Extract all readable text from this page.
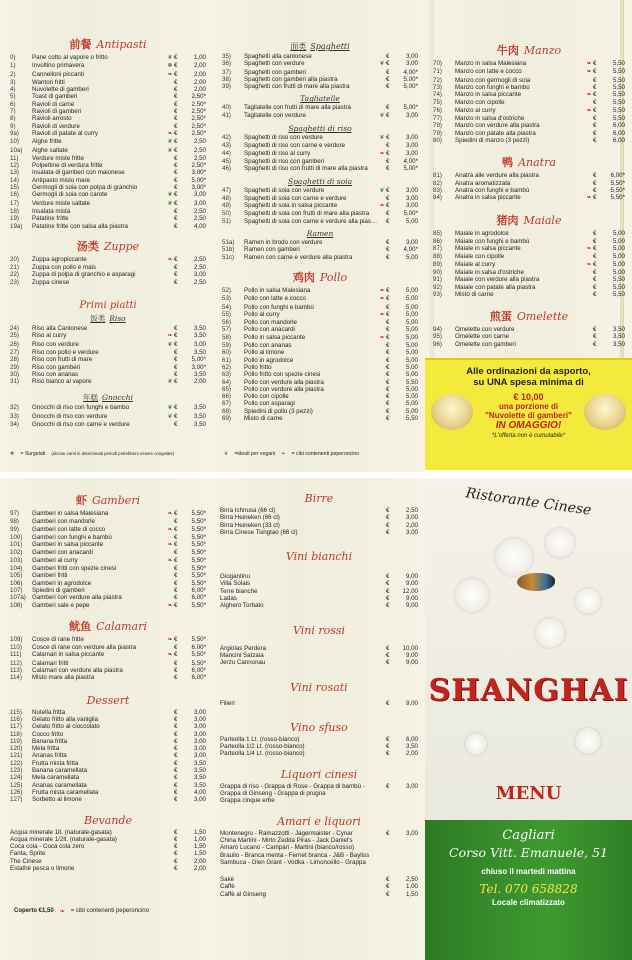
前餐 Antipasti
0)	Pane cotto al vapore o fritto	❦ €	1,00
1)	Involtino primavera	❄ €	2,00
2)	Cannelloni piccanti	❧ €	2,00
3)	Wanton fritti	€	2,00
4)	Nuvolette di gamberi	€	2,00
5)	Toast di gamberi	€	2,50*
6)	Ravioli di carne	€	2,50*
7)	Ravioli di gamberi	€	2,50*
8)	Ravioli arrosto	€	2,50*
9)	Ravioli di verdure	€	2,50*
9a)	Ravioli di patate al curry	❧ €	2,50*
10)	Alghe fritte	❦ €	2,50
10a)	Alghe saltate	❦ €	2,50
11)	Verdure miste fritte	€	2,50
12)	Polpettine di verdura fritte	€	2,50*
13)	Insalata di gamberi con maionese	€	3,00*
14)	Antipasto misto mare	€	5,00*
15)	Germogli di soia con polpa di granchio	€	3,00*
16)	Germogli di soia con carote	❦ €	3,00
17)	Verdure miste saltate	❦ €	3,00
18)	Insalata mista	€	2,50
19)	Patatine fritte	€	2,50
19a)	Patatine fritte con salsa alla piastra	€	4,00
汤类 Zuppe
20)	Zuppa agropiccante	❧ €	2,50
21)	Zuppa con pollo e mais	€	2,50
22)	Zuppa di polpa di granchio e asparagi	€	3,00
23)	Zuppa cinese	€	2,50
Primi piatti
饭类 Riso
24)	Riso alla Cantonese	€	3,50
25)	Riso al curry	❧ €	3,50
26)	Riso con verdure	❦ €	3,00
27)	Riso con pollo e verdure	€	3,50
28)	Riso con frutti di mare	€	5,00*
29)	Riso con gamberi	€	3,00*
30)	Riso con ananas	€	3,50
31)	Riso bianco al vapore	❦ €	2,00
年糕 Gnocchi
32)	Gnocchi di riso con funghi e bambù	❦ €	3,50
33)	Gnocchi di riso con verdure	❦ €	3,50
34)	Gnocchi di riso con carne e verdure	€	3,50
❄ = Surgelati (alcune carni in determinati periodi potrebbero essere congelate)
面类 Spaghetti
35)	Spaghetti alla cantonese	€	3,00
36)	Spaghetti con verdure	❦ €	3,00
37)	Spaghetti con gamberi	€	4,00*
38)	Spaghetti con gamberi alla piastra	€	5,00*
39)	Spaghetti con frutti di mare alla piastra	€	5,00*
Tagliatelle
40)	Tagliatelle con frutti di mare alla piastra	€	5,00*
41)	Tagliatelle con verdure	❦ €	3,00
Spaghetti di riso
42)	Spaghetti di riso con verdure	❦ €	3,00
43)	Spaghetti di riso con carne e verdure	€	3,00
44)	Spaghetti di riso al curry	❧ €	3,00
45)	Spaghetti di riso con gamberi	€	4,00*
46)	Spaghetti di riso con frutti di mare alla piastra	€	5,00*
Spaghetti di soia
47)	Spaghetti di soia con verdure	❦ €	3,00
48)	Spaghetti di soia con carne e verdure	€	3,00
49)	Spaghetti di soia in salsa piccante	❧ €	3,00
50)	Spaghetti di soia con frutti di mare alla piastra	€	5,00*
51)	Spaghetti di soia con carne e verdure alla piastra	€	5,00
Ramen
51a)	Ramen in brodo con verdure	€	3,00
51b)	Ramen con gamberi	€	4,00*
51c)	Ramen con carne e verdure alla piastra	€	5,00
鸡肉 Pollo
52)	Pollo in salsa Malesiana	❧ €	5,00
53)	Pollo con latte e cocco	❧ €	5,00
54)	Pollo con funghi e bambù	€	5,00
55)	Pollo al curry	❧ €	5,00
56)	Pollo con mandorle	€	5,00
57)	Pollo con anacardi	€	5,00
58)	Pollo in salsa piccante	❧ €	5,00
59)	Pollo con ananas	€	5,00
60)	Pollo al limone	€	5,00
61)	Pollo in agrodolce	€	5,00
62)	Pollo fritto	€	5,00
63)	Pollo fritto con spezie cinesi	€	5,00
64)	Pollo con verdure alla piastra	€	5,50
65)	Pollo con verdure alla piastra	€	5,00
66)	Pollo con cipolle	€	5,00
67)	Pollo con asparagi	€	5,00
68)	Spiedini di pollo (3 pezzi)	€	5,00
69)	Misto di carne	€	5,50
❦ =ideali per vegani ❧ = cibi contenenti peperoncino
牛肉 Manzo
70)	Manzo in salsa Malesiana	❧ €	5,50
71)	Manzo con latte e cocco	❧ €	5,50
72)	Manzo con germogli di soia	€	5,50
73)	Manzo con funghi e bambù	€	5,50
74)	Manzo in salsa piccante	❧ €	5,50
75)	Manzo con cipolle	€	5,50
76)	Manzo al curry	❧ €	5,50
77)	Manzo in salsa d'ostriche	€	5,50
78)	Manzo con verdure alla piastra	€	6,00
79)	Manzo con patate alla piastra	€	6,00
80)	Spiedini di manzo (3 pezzi)	€	6,00
鸭 Anatra
81)	Anatra alle verdure alla piastra	€	6,00*
82)	Anatra aromatizzata	€	5,50*
83)	Anatra con funghi e bambù	€	5,50*
84)	Anatra in salsa piccante	❧ €	5,50*
猪肉 Maiale
85)	Maiale in agrodolce	€	5,00
86)	Maiale con funghi e bambù	€	5,00
87)	Maiale in salsa piccante	❧ €	5,00
88)	Maiale con cipolle	€	5,00
89)	Maiale al curry	❧ €	5,00
90)	Maiale in salsa d'ostriche	€	5,00
91)	Maiale con verdure alla piastra	€	5,50
92)	Maiale con patate alla piastra	€	5,50
93)	Misto di carne	€	5,50
煎蛋 Omelette
94)	Omelette con verdure	€	3,50
95)	Omelette con carne	€	3,50
96)	Omelette con gamberi	€	3,50
Alle ordinazioni da asporto,
su UNA spesa minima di
€ 10,00
una porzione di
"Nuvolette di gamberi"
IN OMAGGIO!
*L'offerta non è cumulabile*
虾 Gamberi
97)	Gamberi in salsa Malesiana	❧ €	5,50*
98)	Gamberi con mandorle	€	5,50*
99)	Gamberi con latte di cocco	❧ €	5,50*
100)	Gamberi con funghi e bambù	€	5,50*
101)	Gamberi in salsa piccante	❧ €	5,50*
102)	Gamberi con anacardi	€	5,50*
103)	Gamberi al curry	❧ €	5,50*
104)	Gamberi fritti con spezie cinesi	€	5,50*
105)	Gamberi fritti	€	5,50*
106)	Gamberi in agrodolce	€	5,50*
107)	Spiedini di gamberi	€	6,00*
107a) Gamberi con verdure alla piastra	€	6,00*
108)	Gamberi sale e pepe	❧ €	5,50*
鱿鱼 Calamari
109)	Cosce di rane fritte	❧ €	5,50*
110)	Cosce di rane con verdure alla piastra	€	6,00*
111)	Calamari in salsa piccante	❧ €	5,50*
112)	Calamari fritti	€	5,50*
113)	Calamari con verdure alla piastra	€	6,00*
114)	Misto mare alla piastra	€	6,00*
Dessert
115)	Nutella fritta	€	3,00
116)	Gelato fritto alla vaniglia	€	3,00
117)	Gelato fritto al cioccolato	€	3,00
118)	Cocco fritto	€	3,00
119)	Banana fritta	€	3,00
120)	Mela fritta	€	3,00
121)	Ananas fritta	€	3,00
122)	Frutta mista fritta	€	3,50
123)	Banana caramellata	€	3,50
124)	Mela caramellata	€	3,50
125)	Ananas caramellata	€	3,50
126)	Frutta mista caramellata	€	4,00
127)	Sorbetto al limone	€	3,00
Bevande
Acqua minerale 1lt. (naturale-gasata)	€	1,50
Acqua minerale 1/2lt. (naturale-gasata)	€	1,00
Coca cola - Coca cola zero	€	1,50
Fanta, Sprite	€	1,50
The Cinese	€	2,00
Estathè pesca o limone	€	2,00
Coperto €1,50 ❧ = cibi contenenti peperoncino
Birre
Birra Ichnusa (66 cl)	€	2,50
Birra Heineken (66 cl)	€	3,00
Birra Heineken (33 cl)	€	2,00
Birra Cinese Tsingtao (66 cl)	€	3,00
Vini bianchi
Giogantinu	€	9,00
Villa Solais	€	9,00
Terre bianche	€	12,00
Ladas	€	9,00
Alghero Torbato	€	9,00
Vini rossi
Argiolas Perdera	€	10,00
Mancini Satzaia	€	9,00
Jerzu Cannonau	€	9,00
Vini rosati
Filieri	€	9,00
Vino sfuso
Parteolla 1 Lt. (rosso-bianco)	€	6,00
Parteolla 1/2 Lt. (rosso-bianco)	€	3,50
Parteolla 1/4 Lt. (rosso-bianco)	€	2,00
Liquori cinesi
Grappa di riso - Grappa di Rose - Grappa di bambù - Grappa di Ginseng - Grappa di prugna
Grappa cinque erbe
€	3,00
Amari e liquori
Montenegro - Ramazzotti - Jagermaister - Cynar
China Martini - Mirto Zedda Piras - Jack Daniel's
Amaro Lucano - Campari - Martini (bianco/rosso)
Braulio - Branca menta - Fernet branca - J&B - Bayliss
Sambuca - Glen Grant - Vodka - Limoncello - Grappa
€	3,00
Sakè	€	2,50
Caffè	€	1,00
Caffè al Ginseng	€	1,50
Ristorante Cinese
SHANGHAI
MENU
Cagliari
Corso Vitt. Emanuele, 51
chiuso il martedì mattina
Tel. 070 658828
Locale climatizzato
